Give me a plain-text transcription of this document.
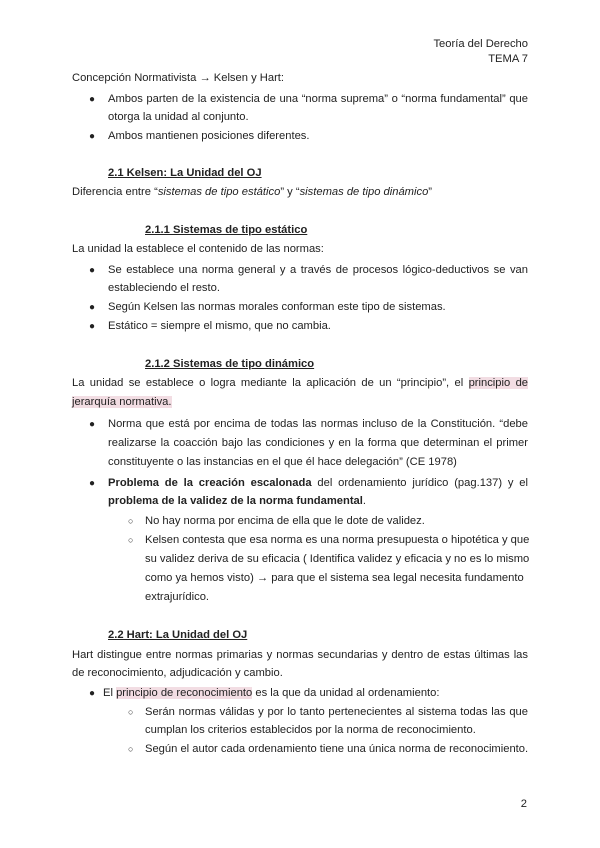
Teoría del Derecho
TEMA 7
Concepción Normativista → Kelsen y Hart:
● Ambos parten de la existencia de una “norma suprema” o “norma fundamental” que
otorga la unidad al conjunto.
● Ambos mantienen posiciones diferentes.
2.1 Kelsen: La Unidad del OJ
Diferencia entre “sistemas de tipo estático” y “sistemas de tipo dinámico”
2.1.1 Sistemas de tipo estático
La unidad la establece el contenido de las normas:
● Se establece una norma general y a través de procesos lógico-deductivos se van
estableciendo el resto.
● Según Kelsen las normas morales conforman este tipo de sistemas.
● Estático = siempre el mismo, que no cambia.
2.1.2 Sistemas de tipo dinámico
La unidad se establece o logra mediante la aplicación de un “principio”, el principio de
jerarquía normativa.
● Norma que está por encima de todas las normas incluso de la Constitución. “debe
realizarse la coacción bajo las condiciones y en la forma que determinan el primer
constituyente o las instancias en el que él hace delegación” (CE 1978)
● Problema de la creación escalonada del ordenamiento jurídico (pag.137) y el
problema de la validez de la norma fundamental.
○ No hay norma por encima de ella que le dote de validez.
○ Kelsen contesta que esa norma es una norma presupuesta o hipotética y que
su validez deriva de su eficacia ( Identifica validez y eficacia y no es lo mismo
como ya hemos visto) → para que el sistema sea legal necesita fundamento
extrajurídico.
2.2 Hart: La Unidad del OJ
Hart distingue entre normas primarias y normas secundarias y dentro de estas últimas las
de reconocimiento, adjudicación y cambio.
● El principio de reconocimiento es la que da unidad al ordenamiento:
○ Serán normas válidas y por lo tanto pertenecientes al sistema todas las que
cumplan los criterios establecidos por la norma de reconocimiento.
○ Según el autor cada ordenamiento tiene una única norma de reconocimiento.
2
